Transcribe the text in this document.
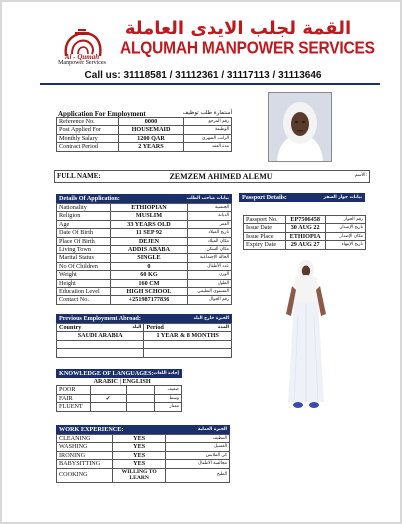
Al - Qumah
Manpower Services
القمة لجلب الايدى العاملة
ALQUMAH MANPOWER SERVICES
Call us: 31118581 / 31112361 / 31117113 / 31113646
Application For Employment	أستمارة طلب توظيف
Reference No.	0000	رقم المرجع
Post Applied For	HOUSEMAID	الوظيفة
Monthly Salary	1200 QAR	الراتب الشهري
Contract Period	2 YEARS	مدة العقد
FULL NAME:	ZEMZEM AHIMED ALEMU	الأسم:
Details Of Application:	بيانات صاحب الطلب
Nationality	ETHIOPIAN	الجنسية
Religion	MUSLIM	الديانة
Age	33 YEARS OLD	العمر
Date Of Birth	11 SEP 92	تاريخ الميلاد
Place Of Birth	DEJEN	مكان الميلاد
Living Town	ADDIS ABABA	مكان السكن
Marital Status	SINGLE	الحالة الإجتماعية
No Of Children	0	عدد الأطفال
Weight	60 KG	الوزن
Height	160 CM	الطول
Education Level	HIGH SCHOOL	المستوى التعليمي
Contact No.	+251987177836	رقم الجوال
Passport Details:	بيانات جواز السفر
Passport No.	EP7506458	رقم الجواز
Issue Date	30 AUG 22	تاريخ الإصدار
Issue Place	ETHIOPIA	مكان الإصدار
Expiry Date	29 AUG 27	تاريخ الإنتهاء
Previous Employment Abroad:	الخبرة خارج البلد
Country البلد	Period المدة

SAUDI ARABIA	1 YEAR & 8 MONTHS

KNOWLEDGE OF LANGUAGES: إجادة اللغات
	ARABIC | ENGLISH		
POOR			ضعيف
FAIR	✓		وسط
FLUENT			ممتاز
WORK EXPERIENCE:	الخبرة العملية
CLEANING	YES	التنظيف
WASHING	YES	الغسيل
IRONING	YES	كي الملابس
BABYSITTING	YES	مجالسة الاطفال
COOKING	WILLING TO LEARN	الطبخ
